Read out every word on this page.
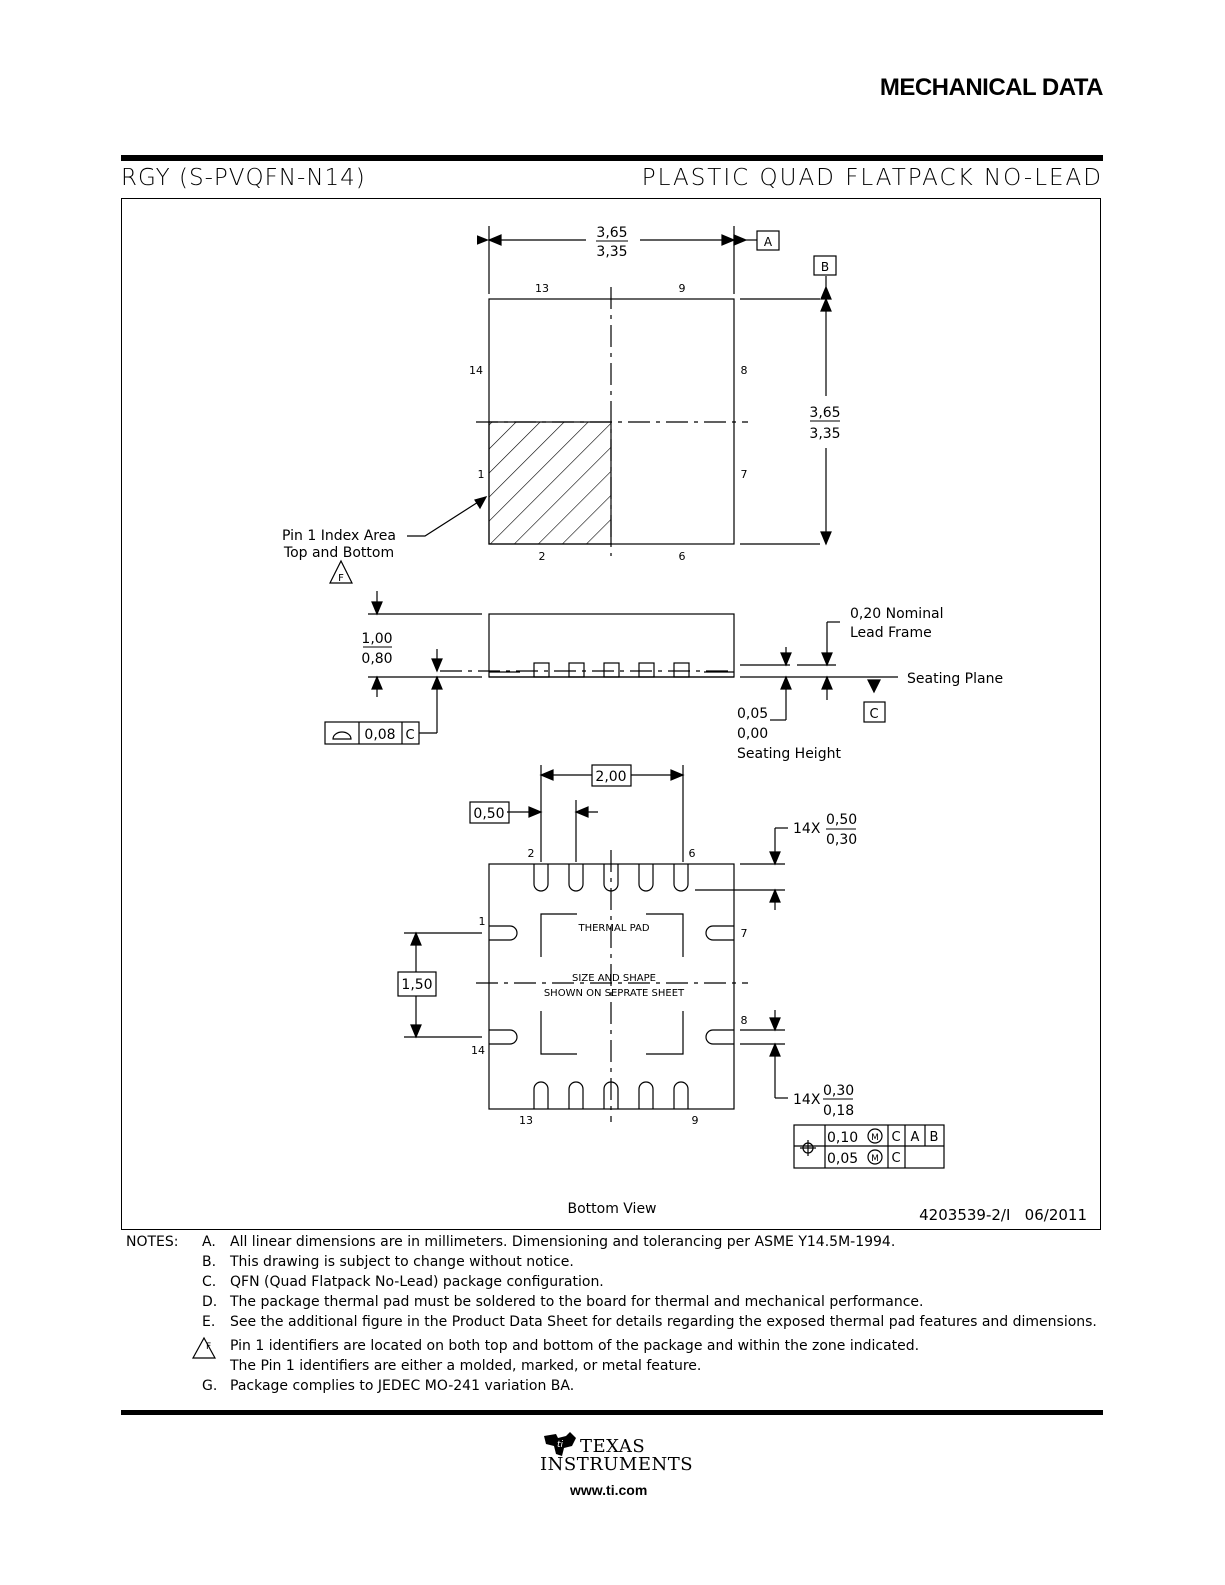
MECHANICAL DATA
RGY (S-PVQFN-N14)	PLASTIC QUAD FLATPACK NO-LEAD
3,65
3,35
A
B
3,65
3,35
13	9
14	8
1	7
2	6
Pin 1 Index Area
Top and Bottom
F
1,00
0,80
0,08 C
0,20 Nominal
Lead Frame
Seating Plane
C
0,05
0,00
Seating Height
2,00
0,50
1,50
14X
0,50
0,30
14X
0,30
0,18
2	6
1
7
8
14
13	9
THERMAL PAD
SIZE AND SHAPE
SHOWN ON SEPRATE SHEET
0,10 M C A B
0,05 M C
Bottom View	4203539-2/I   06/2011
NOTES: A. All linear dimensions are in millimeters. Dimensioning and tolerancing per ASME Y14.5M-1994.
B. This drawing is subject to change without notice.
C. QFN (Quad Flatpack No-Lead) package configuration.
D. The package thermal pad must be soldered to the board for thermal and mechanical performance.
E. See the additional figure in the Product Data Sheet for details regarding the exposed thermal pad features and dimensions.
F Pin 1 identifiers are located on both top and bottom of the package and within the zone indicated.
The Pin 1 identifiers are either a molded, marked, or metal feature.
G. Package complies to JEDEC MO-241 variation BA.
ti TEXAS
INSTRUMENTS
www.ti.com
